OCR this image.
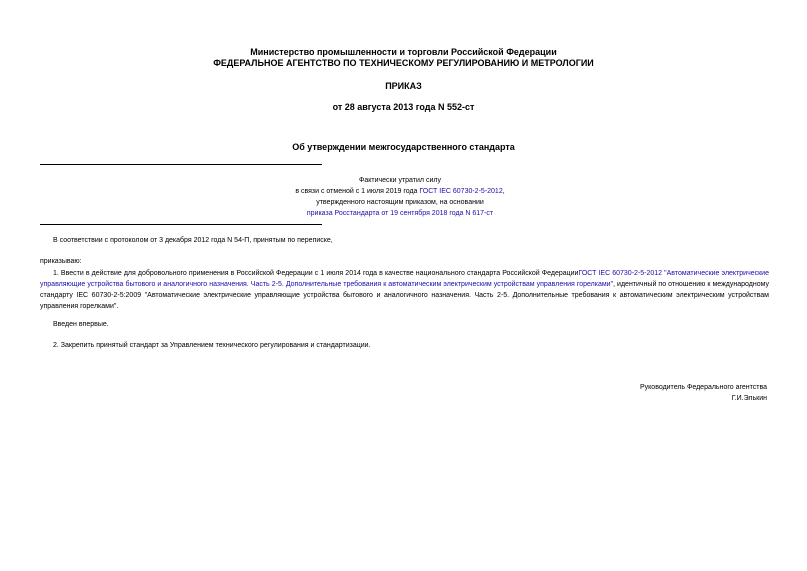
Министерство промышленности и торговли Российской Федерации
ФЕДЕРАЛЬНОЕ АГЕНТСТВО ПО ТЕХНИЧЕСКОМУ РЕГУЛИРОВАНИЮ И МЕТРОЛОГИИ
ПРИКАЗ
от 28 августа 2013 года N 552-ст
Об утверждении межгосударственного стандарта
Фактически утратил силу
в связи с отменой с 1 июля 2019 года ГОСТ IEC 60730-2-5-2012,
утвержденного настоящим приказом, на основании
приказа Росстандарта от 19 сентября 2018 года N 617-ст
В соответствии с протоколом от 3 декабря 2012 года N 54-П, принятым по переписке,
приказываю:
1. Ввести в действие для добровольного применения в Российской Федерации с 1 июля 2014 года в качестве национального стандарта Российской ФедерацииГОСТ IEC 60730-2-5-2012 "Автоматические электрические управляющие устройства бытового и аналогичного назначения. Часть 2-5. Дополнительные требования к автоматическим электрическим устройствам управления горелками", идентичный по отношению к международному стандарту IEC 60730-2-5:2009 "Автоматические электрические управляющие устройства бытового и аналогичного назначения. Часть 2-5. Дополнительные требования к автоматическим электрическим устройствам управления горелками".
Введен впервые.
2. Закрепить принятый стандарт за Управлением технического регулирования и стандартизации.
Руководитель Федерального агентства
Г.И.Элькин
